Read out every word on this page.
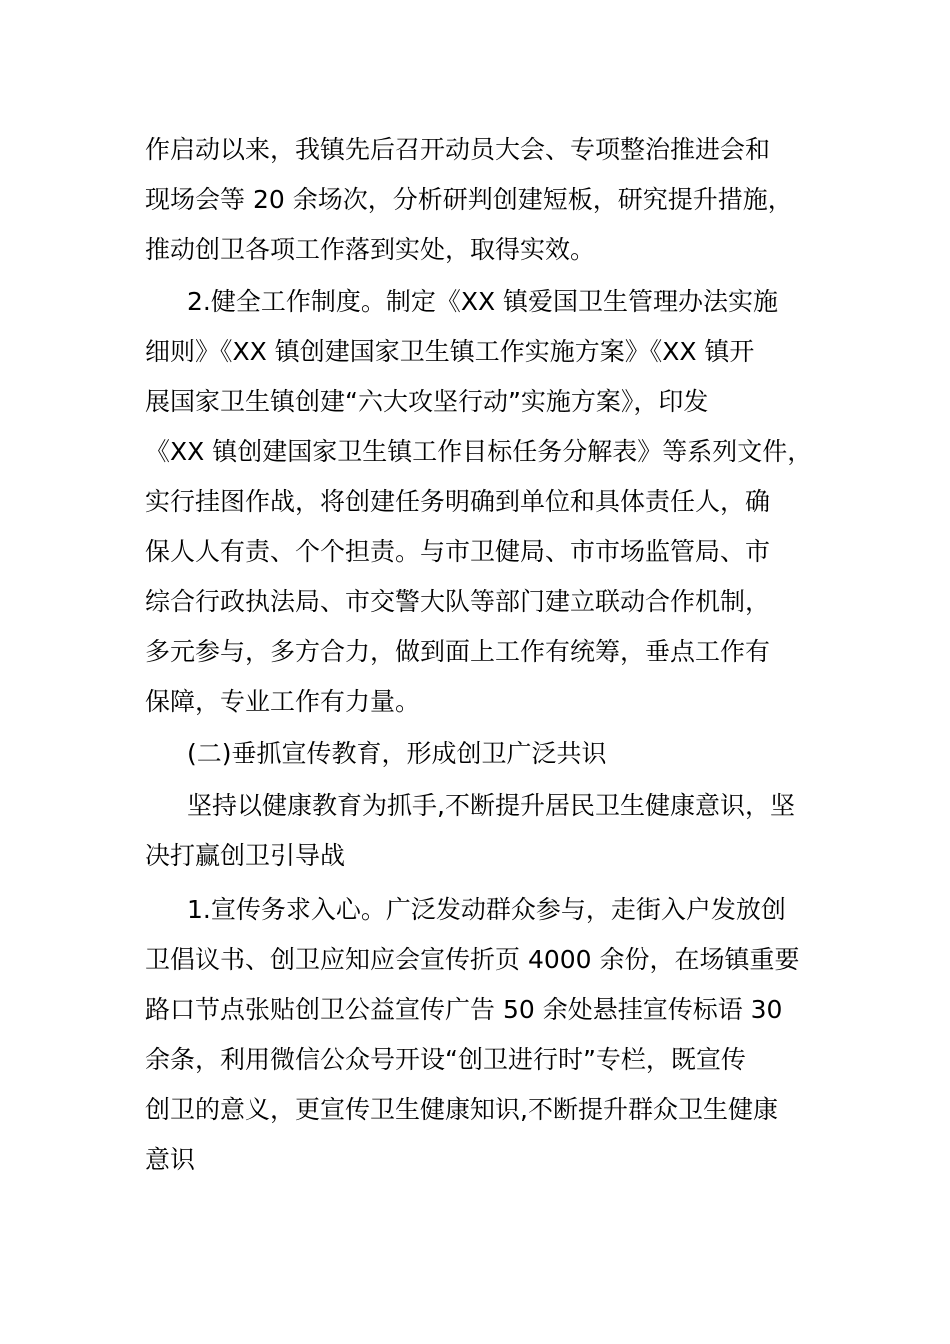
作启动以来，我镇先后召开动员大会、专项整治推进会和
现场会等 20 余场次，分析研判创建短板，研究提升措施，
推动创卫各项工作落到实处，取得实效。
2.健全工作制度。制定《XX 镇爱国卫生管理办法实施
细则》《XX 镇创建国家卫生镇工作实施方案》《XX 镇开
展国家卫生镇创建“六大攻坚行动”实施方案》，印发
《XX 镇创建国家卫生镇工作目标任务分解表》等系列文件，
实行挂图作战，将创建任务明确到单位和具体责任人，确
保人人有责、个个担责。与市卫健局、市市场监管局、市
综合行政执法局、市交警大队等部门建立联动合作机制，
多元参与，多方合力，做到面上工作有统筹，垂点工作有
保障，专业工作有力量。
(二)垂抓宣传教育，形成创卫广泛共识
坚持以健康教育为抓手,不断提升居民卫生健康意识，坚
决打赢创卫引导战
1.宣传务求入心。广泛发动群众参与，走街入户发放创
卫倡议书、创卫应知应会宣传折页 4000 余份，在场镇重要
路口节点张贴创卫公益宣传广告 50 余处悬挂宣传标语 30
余条，利用微信公众号开设“创卫进行时”专栏，既宣传
创卫的意义，更宣传卫生健康知识,不断提升群众卫生健康
意识
